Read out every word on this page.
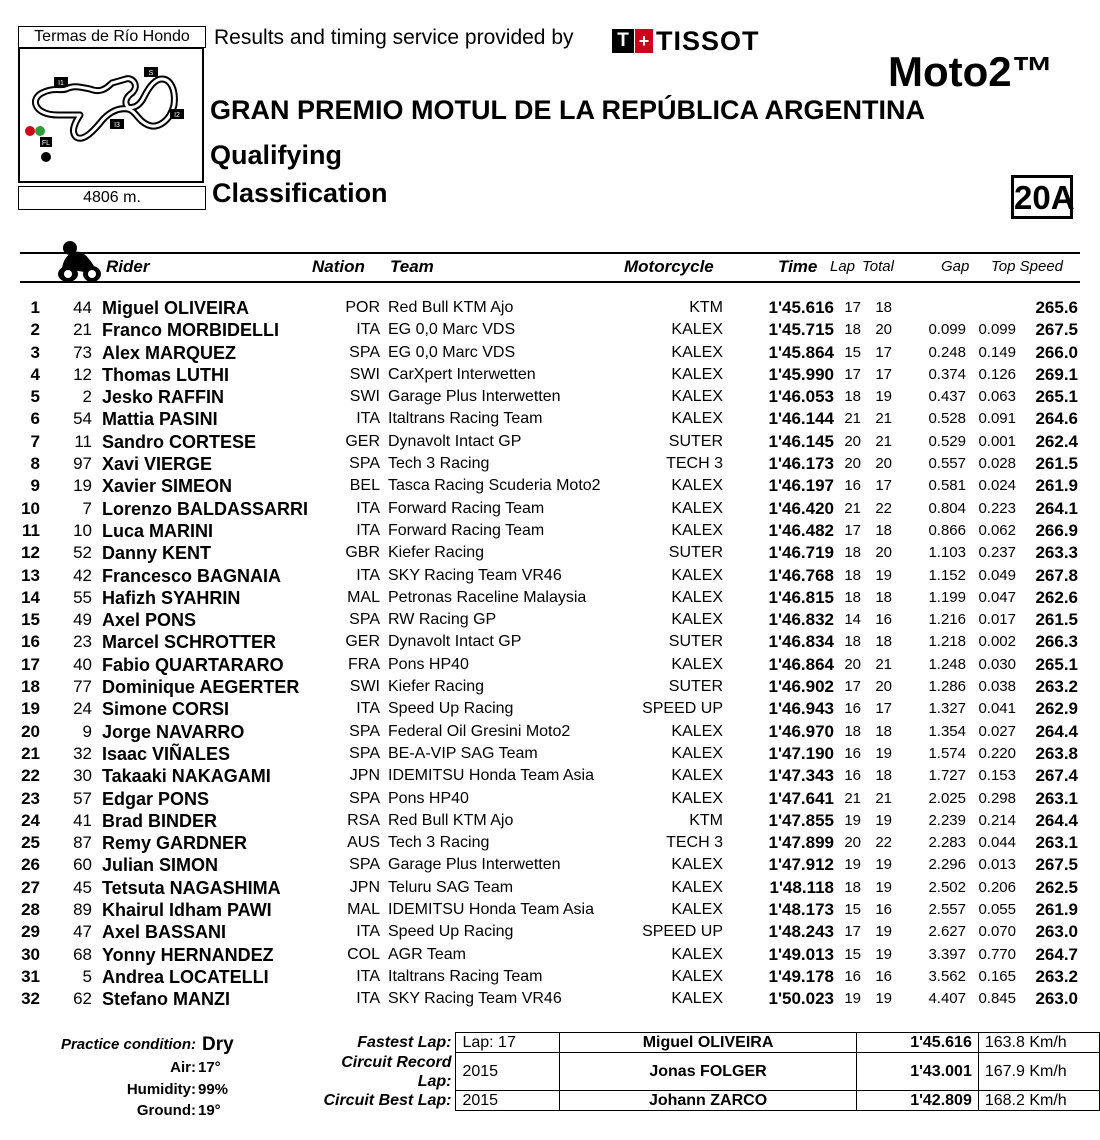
Termas de Río Hondo
FL
I1
S
I2
I3
4806 m.
Results and timing service provided by T + TISSOT
Moto2™
GRAN PREMIO MOTUL DE LA REPÚBLICA ARGENTINA
Qualifying
Classification	20A
Rider	Nation Team	Motorcycle	Time Lap Total	Gap Top Speed
1 44 Miguel OLIVEIRA	POR Red Bull KTM Ajo	KTM	1'45.616 17 18	265.6
2 21 Franco MORBIDELLI	ITA EG 0,0 Marc VDS	KALEX	1'45.715 18 20 0.099 0.099 267.5
3 73 Alex MARQUEZ	SPA EG 0,0 Marc VDS	KALEX	1'45.864 15 17 0.248 0.149 266.0
4 12 Thomas LUTHI	SWI CarXpert Interwetten	KALEX	1'45.990 17 17 0.374 0.126 269.1
5	2 Jesko RAFFIN	SWI Garage Plus Interwetten	KALEX	1'46.053 18 19 0.437 0.063 265.1
6 54 Mattia PASINI	ITA Italtrans Racing Team	KALEX	1'46.144 21 21 0.528 0.091 264.6
7 11 Sandro CORTESE	GER Dynavolt Intact GP	SUTER	1'46.145 20 21 0.529 0.001 262.4
8 97 Xavi VIERGE	SPA Tech 3 Racing	TECH 3	1'46.173 20 20 0.557 0.028 261.5
9 19 Xavier SIMEON	BEL Tasca Racing Scuderia Moto2	KALEX	1'46.197 16 17 0.581 0.024 261.9
10	7 Lorenzo BALDASSARRI	ITA Forward Racing Team	KALEX	1'46.420 21 22 0.804 0.223 264.1
11 10 Luca MARINI	ITA Forward Racing Team	KALEX	1'46.482 17 18 0.866 0.062 266.9
12 52 Danny KENT	GBR Kiefer Racing	SUTER	1'46.719 18 20 1.103 0.237 263.3
13 42 Francesco BAGNAIA	ITA SKY Racing Team VR46	KALEX	1'46.768 18 19 1.152 0.049 267.8
14 55 Hafizh SYAHRIN	MAL Petronas Raceline Malaysia	KALEX	1'46.815 18 18 1.199 0.047 262.6
15 49 Axel PONS	SPA RW Racing GP	KALEX	1'46.832 14 16 1.216 0.017 261.5
16 23 Marcel SCHROTTER	GER Dynavolt Intact GP	SUTER	1'46.834 18 18 1.218 0.002 266.3
17 40 Fabio QUARTARARO	FRA Pons HP40	KALEX	1'46.864 20 21 1.248 0.030 265.1
18 77 Dominique AEGERTER	SWI Kiefer Racing	SUTER	1'46.902 17 20 1.286 0.038 263.2
19 24 Simone CORSI	ITA Speed Up Racing	SPEED UP	1'46.943 16 17 1.327 0.041 262.9
20	9 Jorge NAVARRO	SPA Federal Oil Gresini Moto2	KALEX	1'46.970 18 18 1.354 0.027 264.4
21 32 Isaac VIÑALES	SPA BE-A-VIP SAG Team	KALEX	1'47.190 16 19 1.574 0.220 263.8
22 30 Takaaki NAKAGAMI	JPN IDEMITSU Honda Team Asia	KALEX	1'47.343 16 18 1.727 0.153 267.4
23 57 Edgar PONS	SPA Pons HP40	KALEX	1'47.641 21 21 2.025 0.298 263.1
24 41 Brad BINDER	RSA Red Bull KTM Ajo	KTM	1'47.855 19 19 2.239 0.214 264.4
25 87 Remy GARDNER	AUS Tech 3 Racing	TECH 3	1'47.899 20 22 2.283 0.044 263.1
26 60 Julian SIMON	SPA Garage Plus Interwetten	KALEX	1'47.912 19 19 2.296 0.013 267.5
27 45 Tetsuta NAGASHIMA	JPN Teluru SAG Team	KALEX	1'48.118 18 19 2.502 0.206 262.5
28 89 Khairul Idham PAWI	MAL IDEMITSU Honda Team Asia	KALEX	1'48.173 15 16 2.557 0.055 261.9
29 47 Axel BASSANI	ITA Speed Up Racing	SPEED UP	1'48.243 17 19 2.627 0.070 263.0
30 68 Yonny HERNANDEZ	COL AGR Team	KALEX	1'49.013 15 19 3.397 0.770 264.7
31	5 Andrea LOCATELLI	ITA Italtrans Racing Team	KALEX	1'49.178 16 16 3.562 0.165 263.2
32 62 Stefano MANZI	ITA SKY Racing Team VR46	KALEX	1'50.023 19 19 4.407 0.845 263.0
Practice condition: Dry
Air: 17°
Humidity: 99%
Ground: 19°
Fastest Lap:	Lap: 17	Miguel OLIVEIRA	1'45.616	163.8 Km/h
Circuit Record Lap:	2015	Jonas FOLGER	1'43.001	167.9 Km/h
Circuit Best Lap:	2015	Johann ZARCO	1'42.809	168.2 Km/h
